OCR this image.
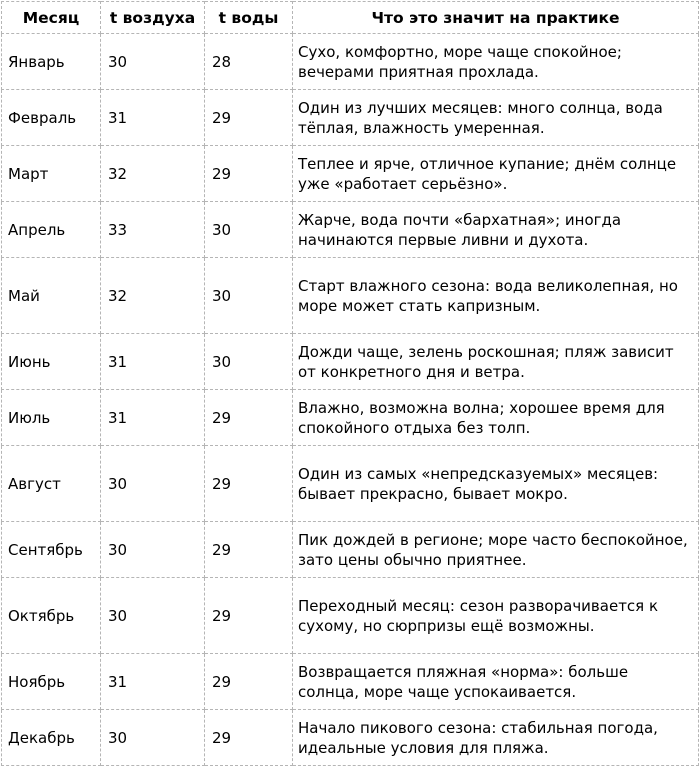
Месяц	t воздуха	t воды	Что это значит на практике
Январь	30	28	Сухо, комфортно, море чаще спокойное; вечерами приятная прохлада.
Февраль	31	29	Один из лучших месяцев: много солнца, вода тёплая, влажность умеренная.
Март	32	29	Теплее и ярче, отличное купание; днём солнце уже «работает серьёзно».
Апрель	33	30	Жарче, вода почти «бархатная»; иногда начинаются первые ливни и духота.
Май	32	30	Старт влажного сезона: вода великолепная, но море может стать капризным.
Июнь	31	30	Дожди чаще, зелень роскошная; пляж зависит от конкретного дня и ветра.
Июль	31	29	Влажно, возможна волна; хорошее время для спокойного отдыха без толп.
Август	30	29	Один из самых «непредсказуемых» месяцев: бывает прекрасно, бывает мокро.
Сентябрь	30	29	Пик дождей в регионе; море часто беспокойное, зато цены обычно приятнее.
Октябрь	30	29	Переходный месяц: сезон разворачивается к сухому, но сюрпризы ещё возможны.
Ноябрь	31	29	Возвращается пляжная «норма»: больше солнца, море чаще успокаивается.
Декабрь	30	29	Начало пикового сезона: стабильная погода, идеальные условия для пляжа.
